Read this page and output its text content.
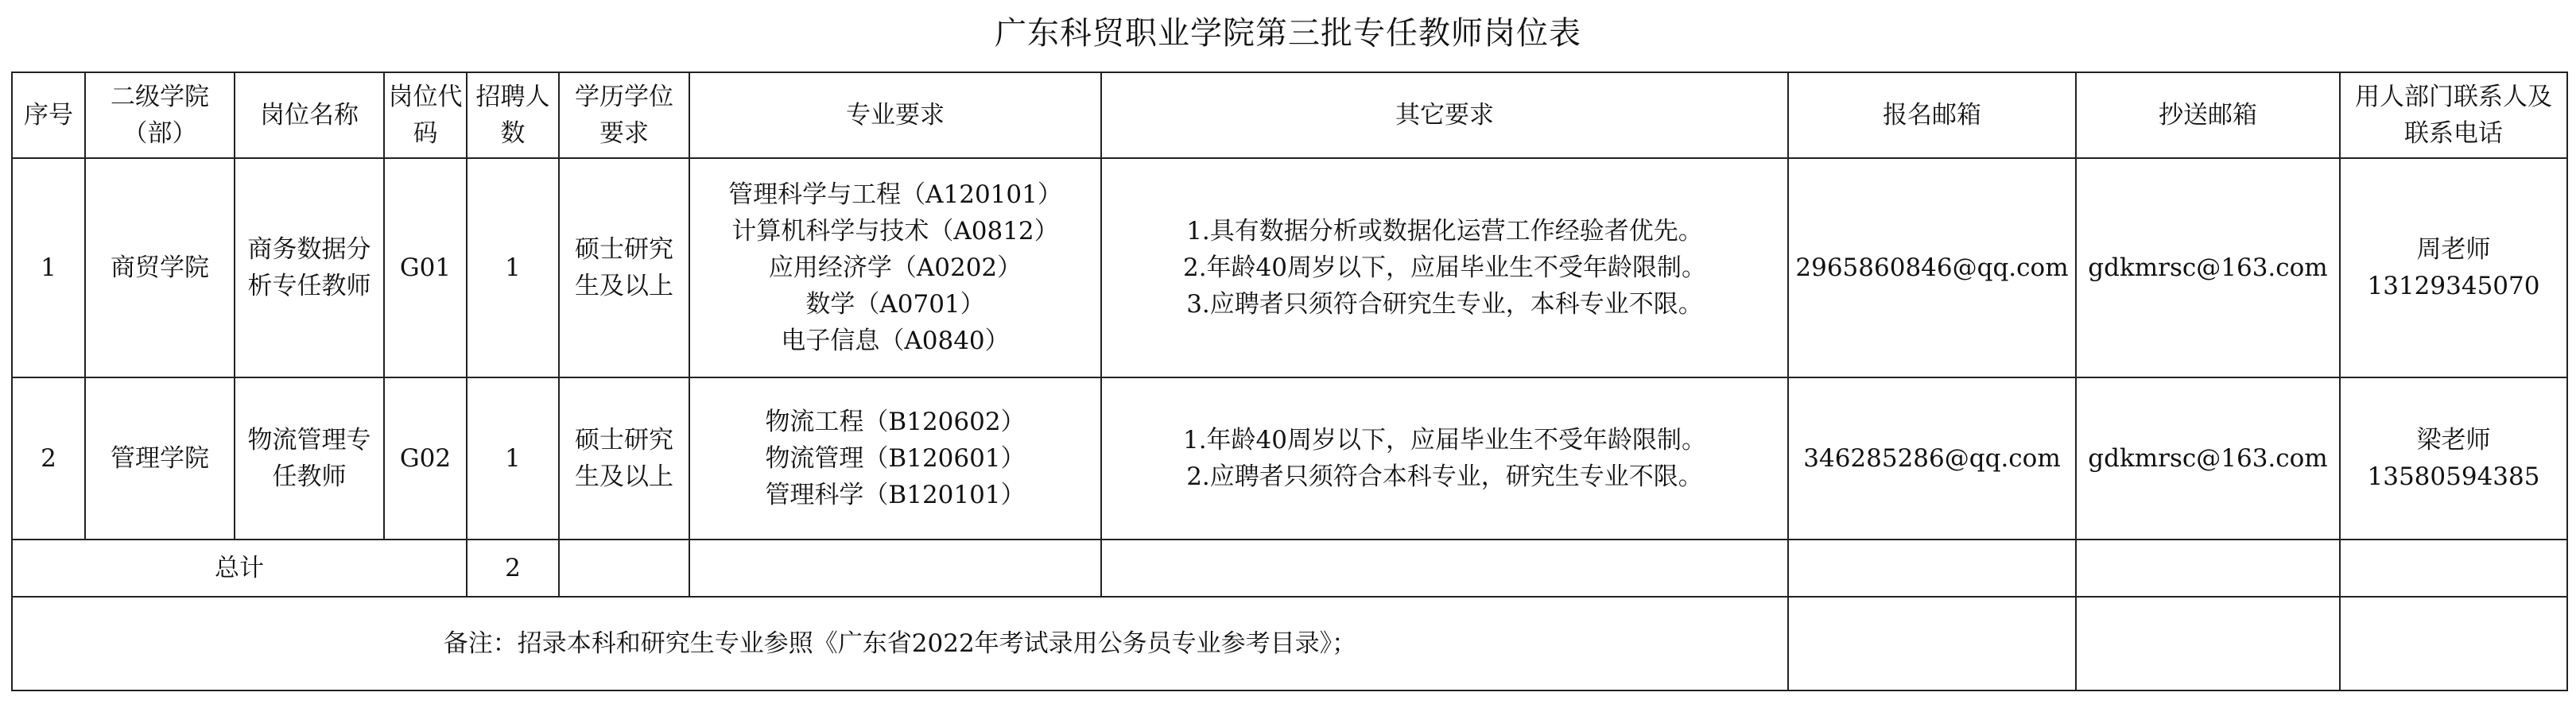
广东科贸职业学院第三批专任教师岗位表
序号	二级学院（部）	岗位名称	岗位代码	招聘人数	学历学位要求	专业要求	其它要求	报名邮箱	抄送邮箱	用人部门联系人及联系电话
1	商贸学院	商务数据分析专任教师	G01	1	硕士研究生及以上	管理科学与工程（A120101）
计算机科学与技术（A0812）
应用经济学（A0202）
数学（A0701）
电子信息（A0840）	1.具有数据分析或数据化运营工作经验者优先。
2.年龄40周岁以下，应届毕业生不受年龄限制。
3.应聘者只须符合研究生专业，本科专业不限。	2965860846@qq.com	gdkmrsc@163.com	周老师
13129345070

2	管理学院	物流管理专任教师	G02	1	硕士研究生及以上	物流工程（B120602）
物流管理（B120601）
管理科学（B120101）	1.年龄40周岁以下，应届毕业生不受年龄限制。
2.应聘者只须符合本科专业，研究生专业不限。	346285286@qq.com	gdkmrsc@163.com	梁老师
13580594385

总计				2						
备注：招录本科和研究生专业参照《广东省2022年考试录用公务员专业参考目录》；										
